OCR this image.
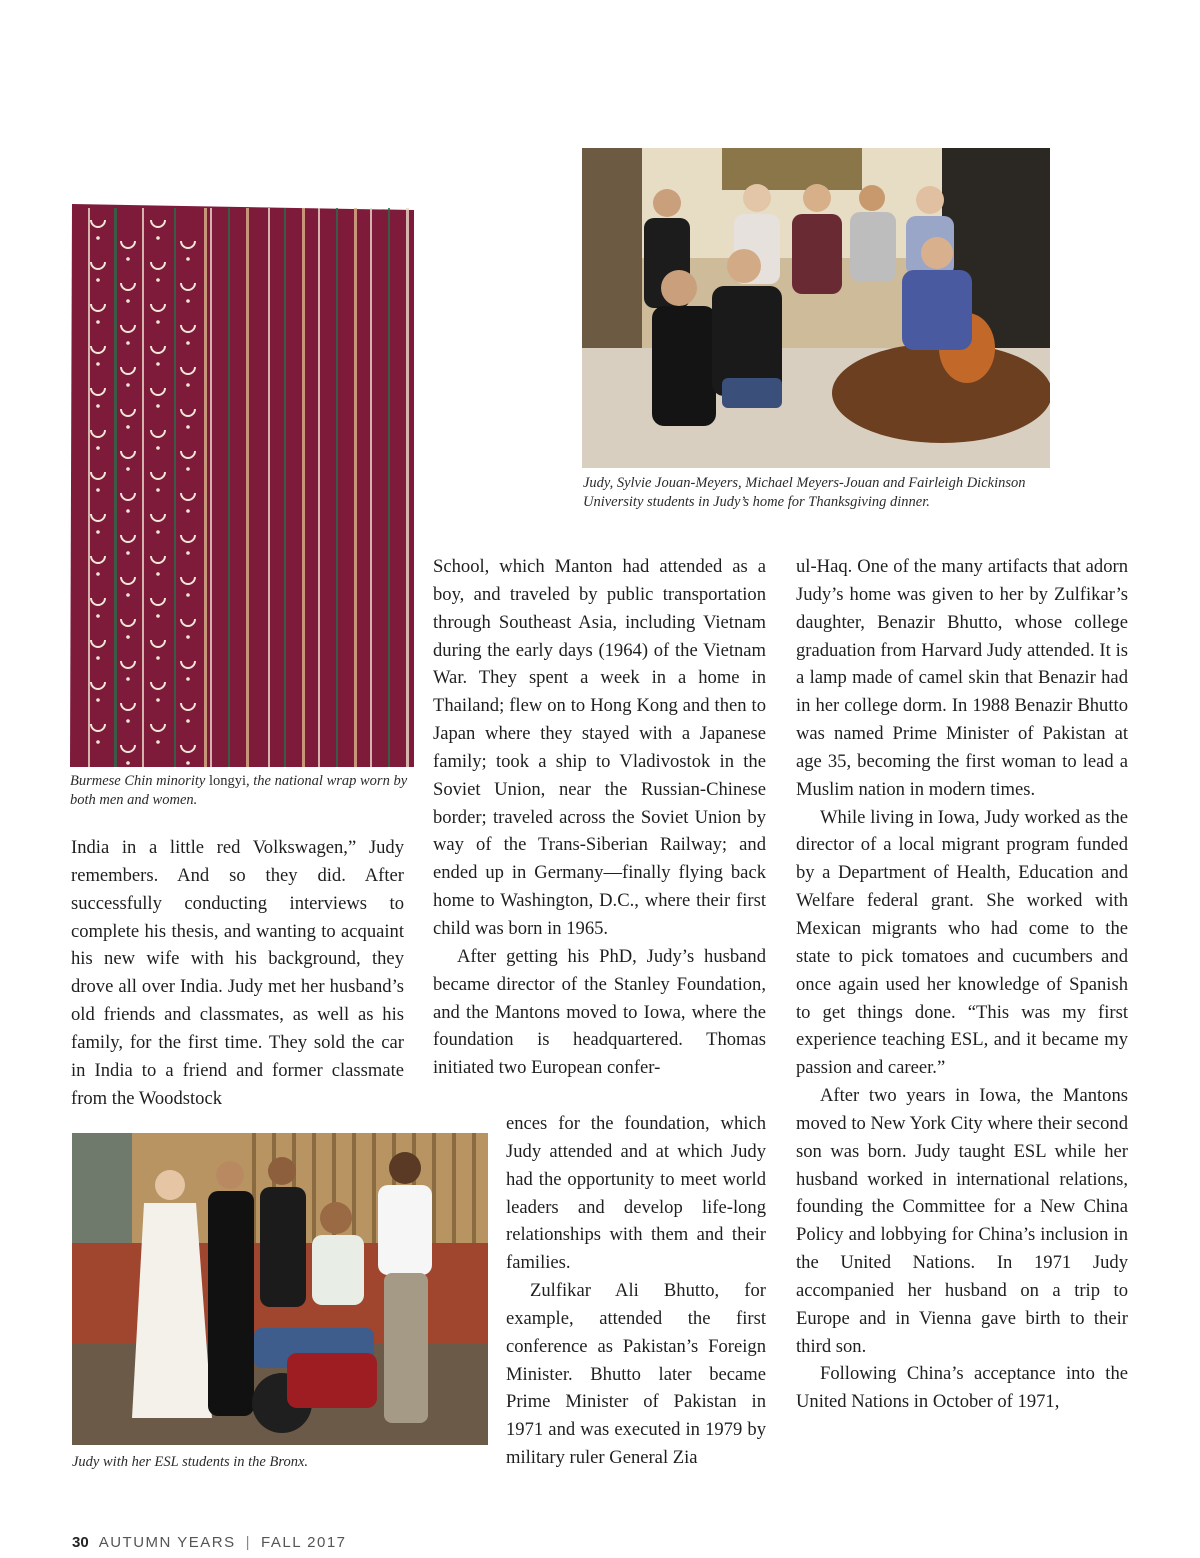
Burmese Chin minority longyi, the national wrap worn by both men and women.

Judy, Sylvie Jouan-Meyers, Michael Meyers-Jouan and Fairleigh Dickinson University students in Judy’s home for Thanksgiving dinner.

Judy with her ESL students in the Bronx.

India in a little red Volkswagen,” Judy remembers. And so they did. After successfully conducting interviews to complete his thesis, and wanting to acquaint his new wife with his background, they drove all over India. Judy met her husband’s old friends and classmates, as well as his family, for the first time. They sold the car in India to a friend and former classmate from the Woodstock

School, which Manton had attended as a boy, and traveled by public transportation through Southeast Asia, including Vietnam during the early days (1964) of the Vietnam War. They spent a week in a home in Thailand; flew on to Hong Kong and then to Japan where they stayed with a Japanese family; took a ship to Vladivostok in the Soviet Union, near the Russian-Chinese border; traveled across the Soviet Union by way of the Trans-Siberian Railway; and ended up in Germany—finally flying back home to Washington, D.C., where their first child was born in 1965.

After getting his PhD, Judy’s husband became director of the Stanley Foundation, and the Mantons moved to Iowa, where the foundation is headquartered. Thomas initiated two European confer-

ences for the foundation, which Judy attended and at which Judy had the opportunity to meet world leaders and develop life-long relationships with them and their families.

Zulfikar Ali Bhutto, for example, attended the first conference as Pakistan’s Foreign Minister. Bhutto later became Prime Minister of Pakistan in 1971 and was executed in 1979 by military ruler General Zia

ul-Haq. One of the many artifacts that adorn Judy’s home was given to her by Zulfikar’s daughter, Benazir Bhutto, whose college graduation from Harvard Judy attended. It is a lamp made of camel skin that Benazir had in her college dorm. In 1988 Benazir Bhutto was named Prime Minister of Pakistan at age 35, becoming the first woman to lead a Muslim nation in modern times.

While living in Iowa, Judy worked as the director of a local migrant program funded by a Department of Health, Education and Welfare federal grant. She worked with Mexican migrants who had come to the state to pick tomatoes and cucumbers and once again used her knowledge of Spanish to get things done. “This was my first experience teaching ESL, and it became my passion and career.”

After two years in Iowa, the Mantons moved to New York City where their second son was born. Judy taught ESL while her husband worked in international relations, founding the Committee for a New China Policy and lobbying for China’s inclusion in the United Nations. In 1971 Judy accompanied her husband on a trip to Europe and in Vienna gave birth to their third son.

Following China’s acceptance into the United Nations in October of 1971,

30 AUTUMN YEARS | FALL 2017
